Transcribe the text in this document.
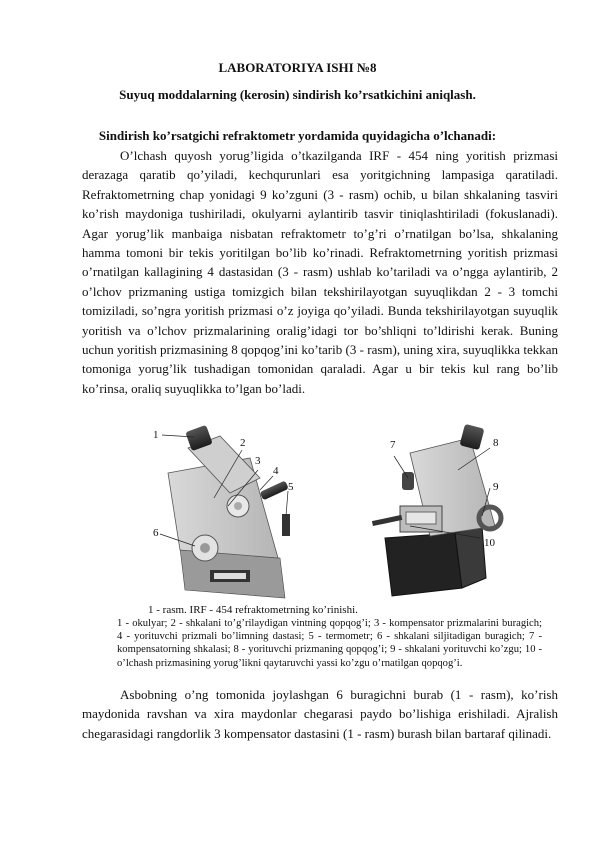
LABORATORIYA ISHI №8
Suyuq moddalarning (kerosin) sindirish ko’rsatkichini aniqlash.
Sindirish ko’rsatgichi refraktometr yordamida quyidagicha o’lchanadi:

O’lchash quyosh yorug’ligida o’tkazilganda IRF - 454 ning yoritish prizmasi derazaga qaratib qo’yiladi, kechqurunlari esa yoritgichning lampasiga qaratiladi. Refraktometrning chap yonidagi 9 ko’zguni (3 - rasm) ochib, u bilan shkalaning tasviri ko’rish maydoniga tushiriladi, okulyarni aylantirib tasvir tiniqlashtiriladi (fokuslanadi). Agar yorug’lik manbaiga nisbatan refraktometr to’g’ri o’rnatilgan bo’lsa, shkalaning hamma tomoni bir tekis yoritilgan bo’lib ko’rinadi. Refraktometrning yoritish prizmasi o’rnatilgan kallagining 4 dastasidan (3 - rasm) ushlab ko’tariladi va o’ngga aylantirib, 2 o’lchov prizmaning ustiga tomizgich bilan tekshirilayotgan suyuqlikdan 2 - 3 tomchi tomiziladi, so’ngra yoritish prizmasi o’z joyiga qo’yiladi. Bunda tekshirilayotgan suyuqlik yoritish va o’lchov prizmalarining oralig’idagi tor bo’shliqni to’ldirishi kerak. Buning uchun yoritish prizmasining 8 qopqog’ini ko’tarib (3 - rasm), uning xira, suyuqlikka tekkan tomoniga yorug’lik tushadigan tomonidan qaraladi. Agar u bir tekis kul rang bo’lib ko’rinsa, oraliq suyuqlikka to’lgan bo’ladi.

1
2
3
4
5
6
7	8
9
10
1 - rasm. IRF - 454 refraktometrning ko’rinishi.

1 - okulyar; 2 - shkalani to’g’rilaydigan vintning qopqog’i; 3 - kompensator prizmalarini buragich; 4 - yorituvchi prizmali bo’limning dastasi; 5 - termometr; 6 - shkalani siljitadigan buragich; 7 - kompensatorning shkalasi; 8 - yorituvchi prizmaning qopqog’i; 9 - shkalani yorituvchi ko’zgu; 10 - o’lchash prizmasining yorug’likni qaytaruvchi yassi ko’zgu o’rnatilgan qopqog’i.

Asbobning o’ng tomonida joylashgan 6 buragichni burab (1 - rasm), ko’rish maydonida ravshan va xira maydonlar chegarasi paydo bo’lishiga erishiladi. Ajralish chegarasidagi rangdorlik 3 kompensator dastasini (1 - rasm) burash bilan bartaraf qilinadi.
